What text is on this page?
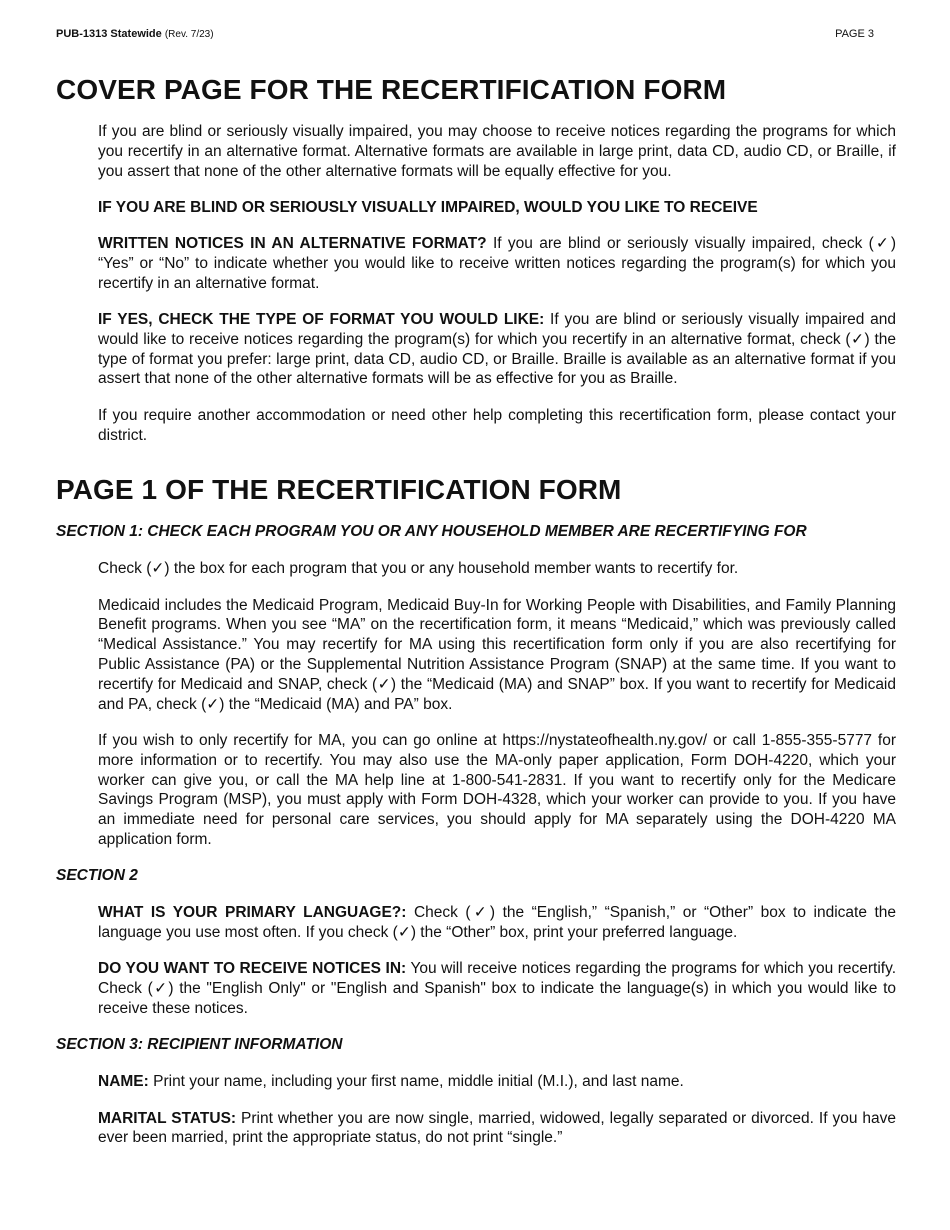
PUB-1313 Statewide (Rev. 7/23)	PAGE 3
COVER PAGE FOR THE RECERTIFICATION FORM

If you are blind or seriously visually impaired, you may choose to receive notices regarding the programs for which you recertify in an alternative format. Alternative formats are available in large print, data CD, audio CD, or Braille, if you assert that none of the other alternative formats will be equally effective for you.

IF YOU ARE BLIND OR SERIOUSLY VISUALLY IMPAIRED, WOULD YOU LIKE TO RECEIVE

WRITTEN NOTICES IN AN ALTERNATIVE FORMAT? If you are blind or seriously visually impaired, check (✓) “Yes” or “No” to indicate whether you would like to receive written notices regarding the program(s) for which you recertify in an alternative format.

IF YES, CHECK THE TYPE OF FORMAT YOU WOULD LIKE: If you are blind or seriously visually impaired and would like to receive notices regarding the program(s) for which you recertify in an alternative format, check (✓) the type of format you prefer: large print, data CD, audio CD, or Braille. Braille is available as an alternative format if you assert that none of the other alternative formats will be as effective for you as Braille.

If you require another accommodation or need other help completing this recertification form, please contact your district.

PAGE 1 OF THE RECERTIFICATION FORM
SECTION 1: CHECK EACH PROGRAM YOU OR ANY HOUSEHOLD MEMBER ARE RECERTIFYING FOR

Check (✓) the box for each program that you or any household member wants to recertify for.

Medicaid includes the Medicaid Program, Medicaid Buy-In for Working People with Disabilities, and Family Planning Benefit programs. When you see “MA” on the recertification form, it means “Medicaid,” which was previously called “Medical Assistance.” You may recertify for MA using this recertification form only if you are also recertifying for Public Assistance (PA) or the Supplemental Nutrition Assistance Program (SNAP) at the same time. If you want to recertify for Medicaid and SNAP, check (✓) the “Medicaid (MA) and SNAP” box. If you want to recertify for Medicaid and PA, check (✓) the “Medicaid (MA) and PA” box.

If you wish to only recertify for MA, you can go online at https://nystateofhealth.ny.gov/ or call 1-855-355-5777 for more information or to recertify. You may also use the MA-only paper application, Form DOH-4220, which your worker can give you, or call the MA help line at 1-800-541-2831. If you want to recertify only for the Medicare Savings Program (MSP), you must apply with Form DOH-4328, which your worker can provide to you. If you have an immediate need for personal care services, you should apply for MA separately using the DOH-4220 MA application form.

SECTION 2

WHAT IS YOUR PRIMARY LANGUAGE?: Check (✓) the “English,” “Spanish,” or “Other” box to indicate the language you use most often. If you check (✓) the “Other” box, print your preferred language.

DO YOU WANT TO RECEIVE NOTICES IN: You will receive notices regarding the programs for which you recertify. Check (✓) the "English Only" or "English and Spanish" box to indicate the language(s) in which you would like to receive these notices.

SECTION 3: RECIPIENT INFORMATION

NAME: Print your name, including your first name, middle initial (M.I.), and last name.

MARITAL STATUS: Print whether you are now single, married, widowed, legally separated or divorced. If you have ever been married, print the appropriate status, do not print “single.”
